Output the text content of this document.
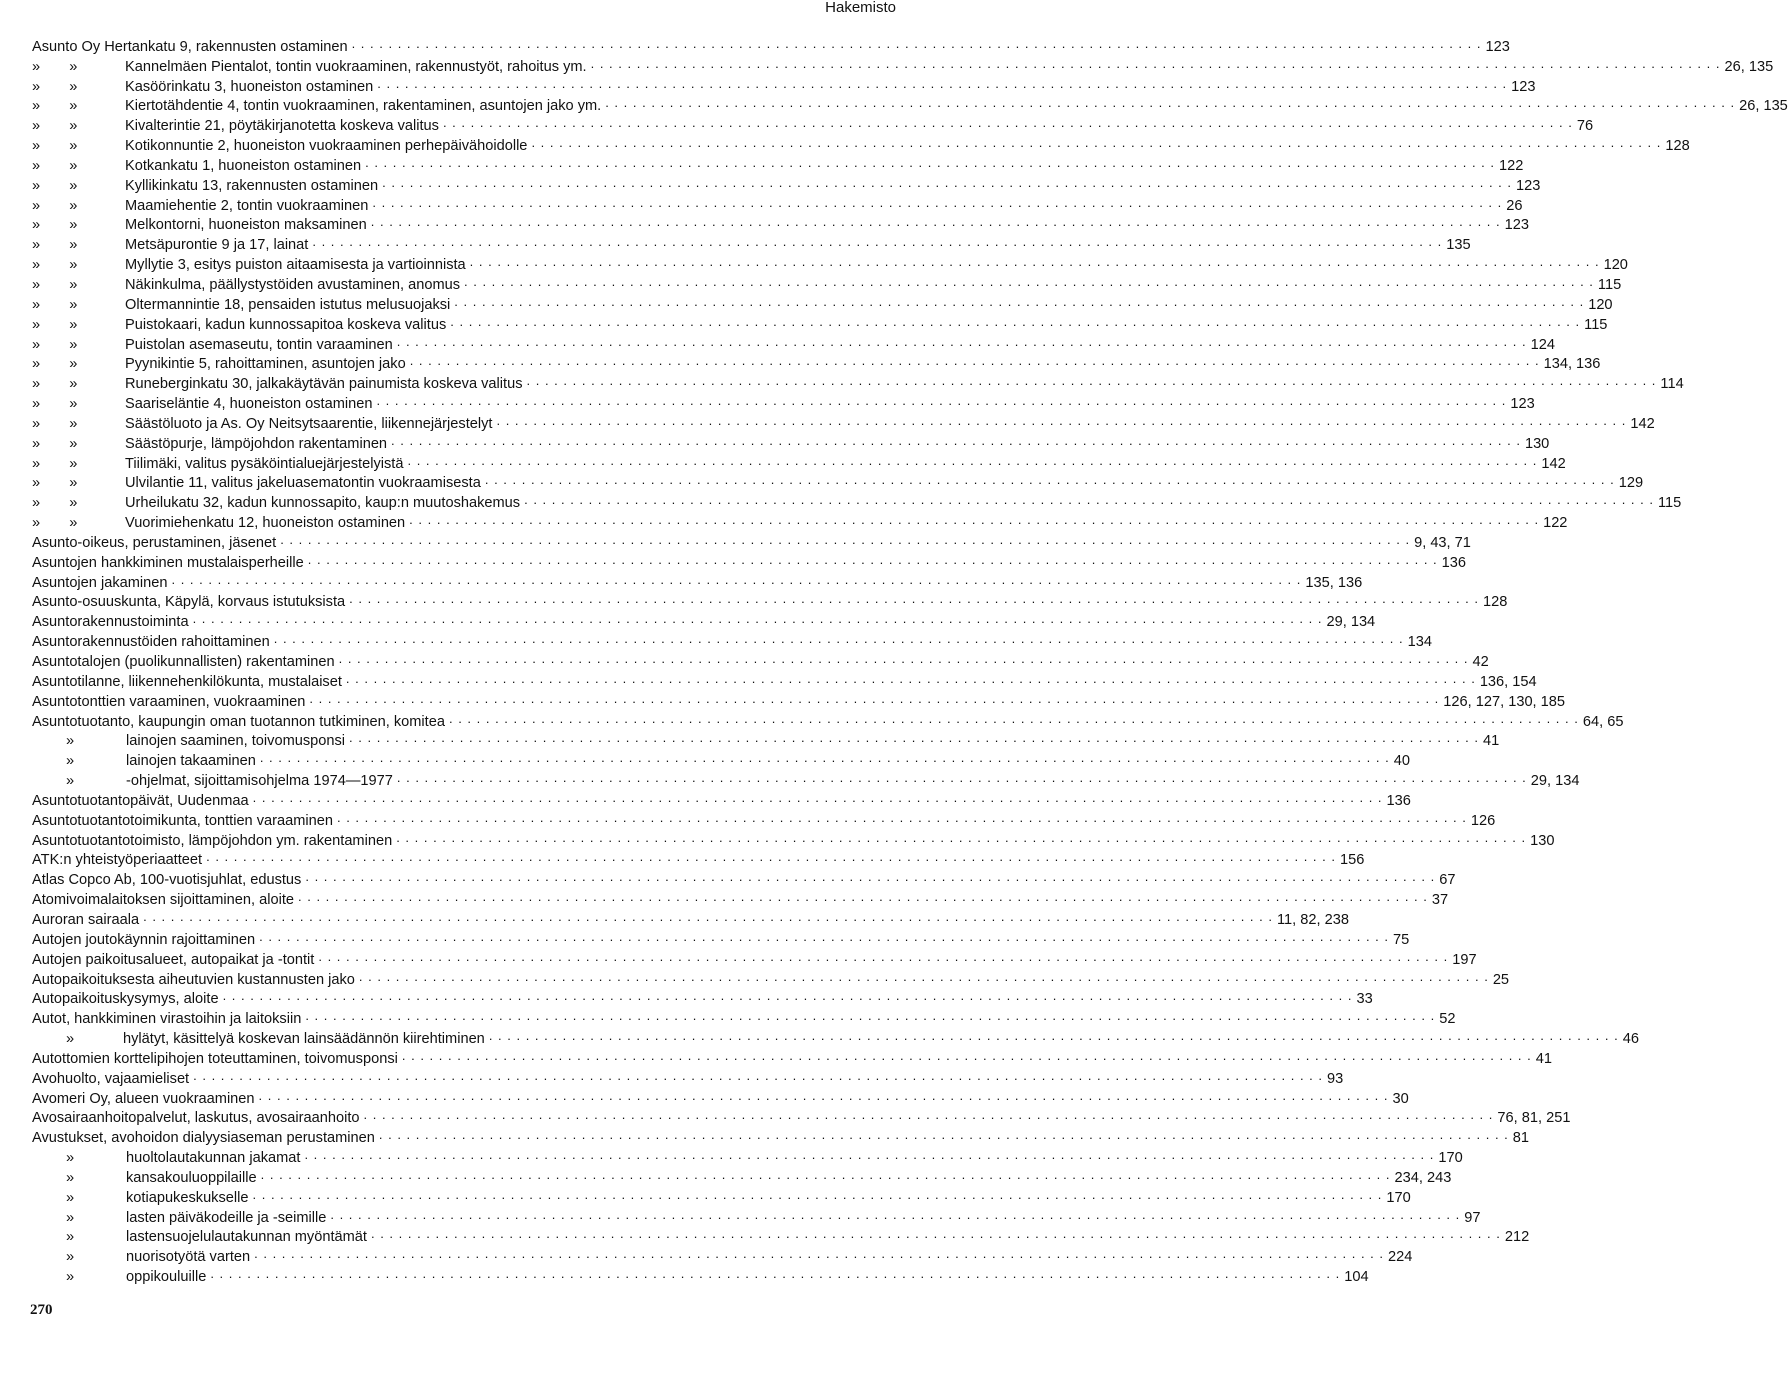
Hakemisto
Asunto Oy Hertankatu 9, rakennusten ostaminen . . .	123
»  »	Kannelmäen Pientalot, tontin vuokraaminen, rakennustyöt, rahoitus ym. . . .	26, 135
»  »	Kasöörinkatu 3, huoneiston ostaminen . . .	123
»  »	Kiertotähdentie 4, tontin vuokraaminen, rakentaminen, asuntojen jako ym. . . .	26, 135
»  »	Kivalterintie 21, pöytäkirjanotetta koskeva valitus . . .	76
»  »	Kotikonnuntie 2, huoneiston vuokraaminen perhepäivähoidolle . . .	128
»  »	Kotkankatu 1, huoneiston ostaminen . . .	122
»  »	Kyllikinkatu 13, rakennusten ostaminen . . .	123
»  »	Maamiehentie 2, tontin vuokraaminen . . .	26
»  »	Melkontorni, huoneiston maksaminen . . .	123
»  »	Metsäpurontie 9 ja 17, lainat . . .	135
»  »	Myllytie 3, esitys puiston aitaamisesta ja vartioinnista . . .	120
»  »	Näkinkulma, päällystystöiden avustaminen, anomus . . .	115
»  »	Oltermannintie 18, pensaiden istutus melusuojaksi . . .	120
»  »	Puistokaari, kadun kunnossapitoa koskeva valitus . . .	115
»  »	Puistolan asemaseutu, tontin varaaminen . . .	124
»  »	Pyynikintie 5, rahoittaminen, asuntojen jako . . .	134, 136
»  »	Runeberginkatu 30, jalkakäytävän painumista koskeva valitus . . .	114
»  »	Saariseläntie 4, huoneiston ostaminen . . .	123
»  »	Säästöluoto ja As. Oy Neitsytsaarentie, liikennejärjestelyt . . .	142
»  »	Säästöpurje, lämpöjohdon rakentaminen . . .	130
»  »	Tiilimäki, valitus pysäköintialuejärjestelyistä . . .	142
»  »	Ulvilantie 11, valitus jakeluasematontin vuokraamisesta . . .	129
»  »	Urheilukatu 32, kadun kunnossapito, kaup:n muutoshakemus . . .	115
»  »	Vuorimiehenkatu 12, huoneiston ostaminen . . .	122
Asunto-oikeus, perustaminen, jäsenet . . .	9, 43, 71
Asuntojen hankkiminen mustalaisperheille . . .	136
Asuntojen jakaminen . . .	135, 136
Asunto-osuuskunta, Käpylä, korvaus istutuksista . . .	128
Asuntorakennustoiminta . . .	29, 134
Asuntorakennustöiden rahoittaminen . . .	134
Asuntotalojen (puolikunnallisten) rakentaminen . . .	42
Asuntotilanne, liikennehenkilökunta, mustalaiset . . .	136, 154
Asuntotonttien varaaminen, vuokraaminen . . .	126, 127, 130, 185
Asuntotuotanto, kaupungin oman tuotannon tutkiminen, komitea . . .	64, 65
»	lainojen saaminen, toivomusponsi . . .	41
»	lainojen takaaminen . . .	40
»	-ohjelmat, sijoittamisohjelma 1974—1977 . . .	29, 134
Asuntotuotantopäivät, Uudenmaa . . .	136
Asuntotuotantotoimikunta, tonttien varaaminen . . .	126
Asuntotuotantotoimisto, lämpöjohdon ym. rakentaminen . . .	130
ATK:n yhteistyöperiaatteet . . .	156
Atlas Copco Ab, 100-vuotisjuhlat, edustus . . .	67
Atomivoimalaitoksen sijoittaminen, aloite . . .	37
Auroran sairaala . . .	11, 82, 238
Autojen joutokäynnin rajoittaminen . . .	75
Autojen paikoitusalueet, autopaikat ja -tontit . . .	197
Autopaikoituksesta aiheutuvien kustannusten jako . . .	25
Autopaikoituskysymys, aloite . . .	33
Autot, hankkiminen virastoihin ja laitoksiin . . .	52
»	hylätyt, käsittelyä koskevan lainsäädännön kiirehtiminen . . .	46
Autottomien korttelipihojen toteuttaminen, toivomusponsi . . .	41
Avohuolto, vajaamieliset . . .	93
Avomeri Oy, alueen vuokraaminen . . .	30
Avosairaanhoitopalvelut, laskutus, avosairaanhoito . . .	76, 81, 251
Avustukset, avohoidon dialyysiaseman perustaminen . . .	81
»	huoltolautakunnan jakamat . . .	170
»	kansakouluoppilaille . . .	234, 243
»	kotiapukeskukselle . . .	170
»	lasten päiväkodeille ja -seimille . . .	97
»	lastensuojelulautakunnan myöntämät . . .	212
»	nuorisotyötä varten . . .	224
»	oppikouluille . . .	104
270
